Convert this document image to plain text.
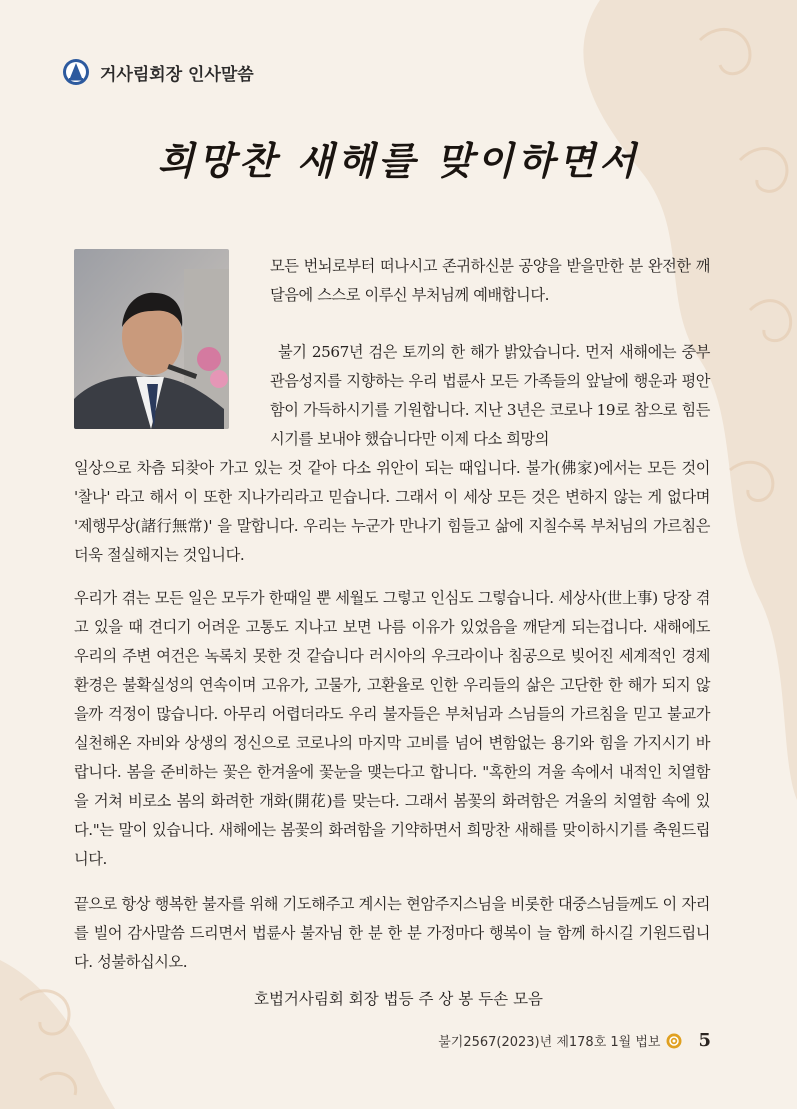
거사림회장 인사말씀
희망찬 새해를 맞이하면서

모든 번뇌로부터 떠나시고 존귀하신분 공양을 받을만한 분 완전한 깨달음에 스스로 이루신 부처님께 예배합니다.

불기 2567년 검은 토끼의 한 해가 밝았습니다. 먼저 새해에는 중부관음성지를 지향하는 우리 법륜사 모든 가족들의 앞날에 행운과 평안함이 가득하시기를 기원합니다. 지난 3년은 코로나 19로 참으로 힘든 시기를 보내야 했습니다만 이제 다소 희망의

일상으로 차츰 되찾아 가고 있는 것 같아 다소 위안이 되는 때입니다. 불가(佛家)에서는 모든 것이 '찰나' 라고 해서 이 또한 지나가리라고 믿습니다. 그래서 이 세상 모든 것은 변하지 않는 게 없다며 '제행무상(諸行無常)' 을 말합니다. 우리는 누군가 만나기 힘들고 삶에 지칠수록 부처님의 가르침은 더욱 절실해지는 것입니다.

우리가 겪는 모든 일은 모두가 한때일 뿐 세월도 그렇고 인심도 그렇습니다. 세상사(世上事) 당장 겪고 있을 때 견디기 어려운 고통도 지나고 보면 나름 이유가 있었음을 깨닫게 되는겁니다. 새해에도 우리의 주변 여건은 녹록치 못한 것 같습니다 러시아의 우크라이나 침공으로 빚어진 세계적인 경제환경은 불확실성의 연속이며 고유가, 고물가, 고환율로 인한 우리들의 삶은 고단한 한 해가 되지 않을까 걱정이 많습니다. 아무리 어렵더라도 우리 불자들은 부처님과 스님들의 가르침을 믿고 불교가 실천해온 자비와 상생의 정신으로 코로나의 마지막 고비를 넘어 변함없는 용기와 힘을 가지시기 바랍니다. 봄을 준비하는 꽃은 한겨울에 꽃눈을 맺는다고 합니다. "혹한의 겨울 속에서 내적인 치열함을 거쳐 비로소 봄의 화려한 개화(開花)를 맞는다. 그래서 봄꽃의 화려함은 겨울의 치열함 속에 있다."는 말이 있습니다. 새해에는 봄꽃의 화려함을 기약하면서 희망찬 새해를 맞이하시기를 축원드립니다.

끝으로 항상 행복한 불자를 위해 기도해주고 계시는 현암주지스님을 비롯한 대중스님들께도 이 자리를 빌어 감사말씀 드리면서 법륜사 불자님 한 분 한 분 가정마다 행복이 늘 함께 하시길 기원드립니다. 성불하십시오.

호법거사림회 회장 법등 주 상 봉 두손 모음
불기2567(2023)년 제178호 1월 법보 5
